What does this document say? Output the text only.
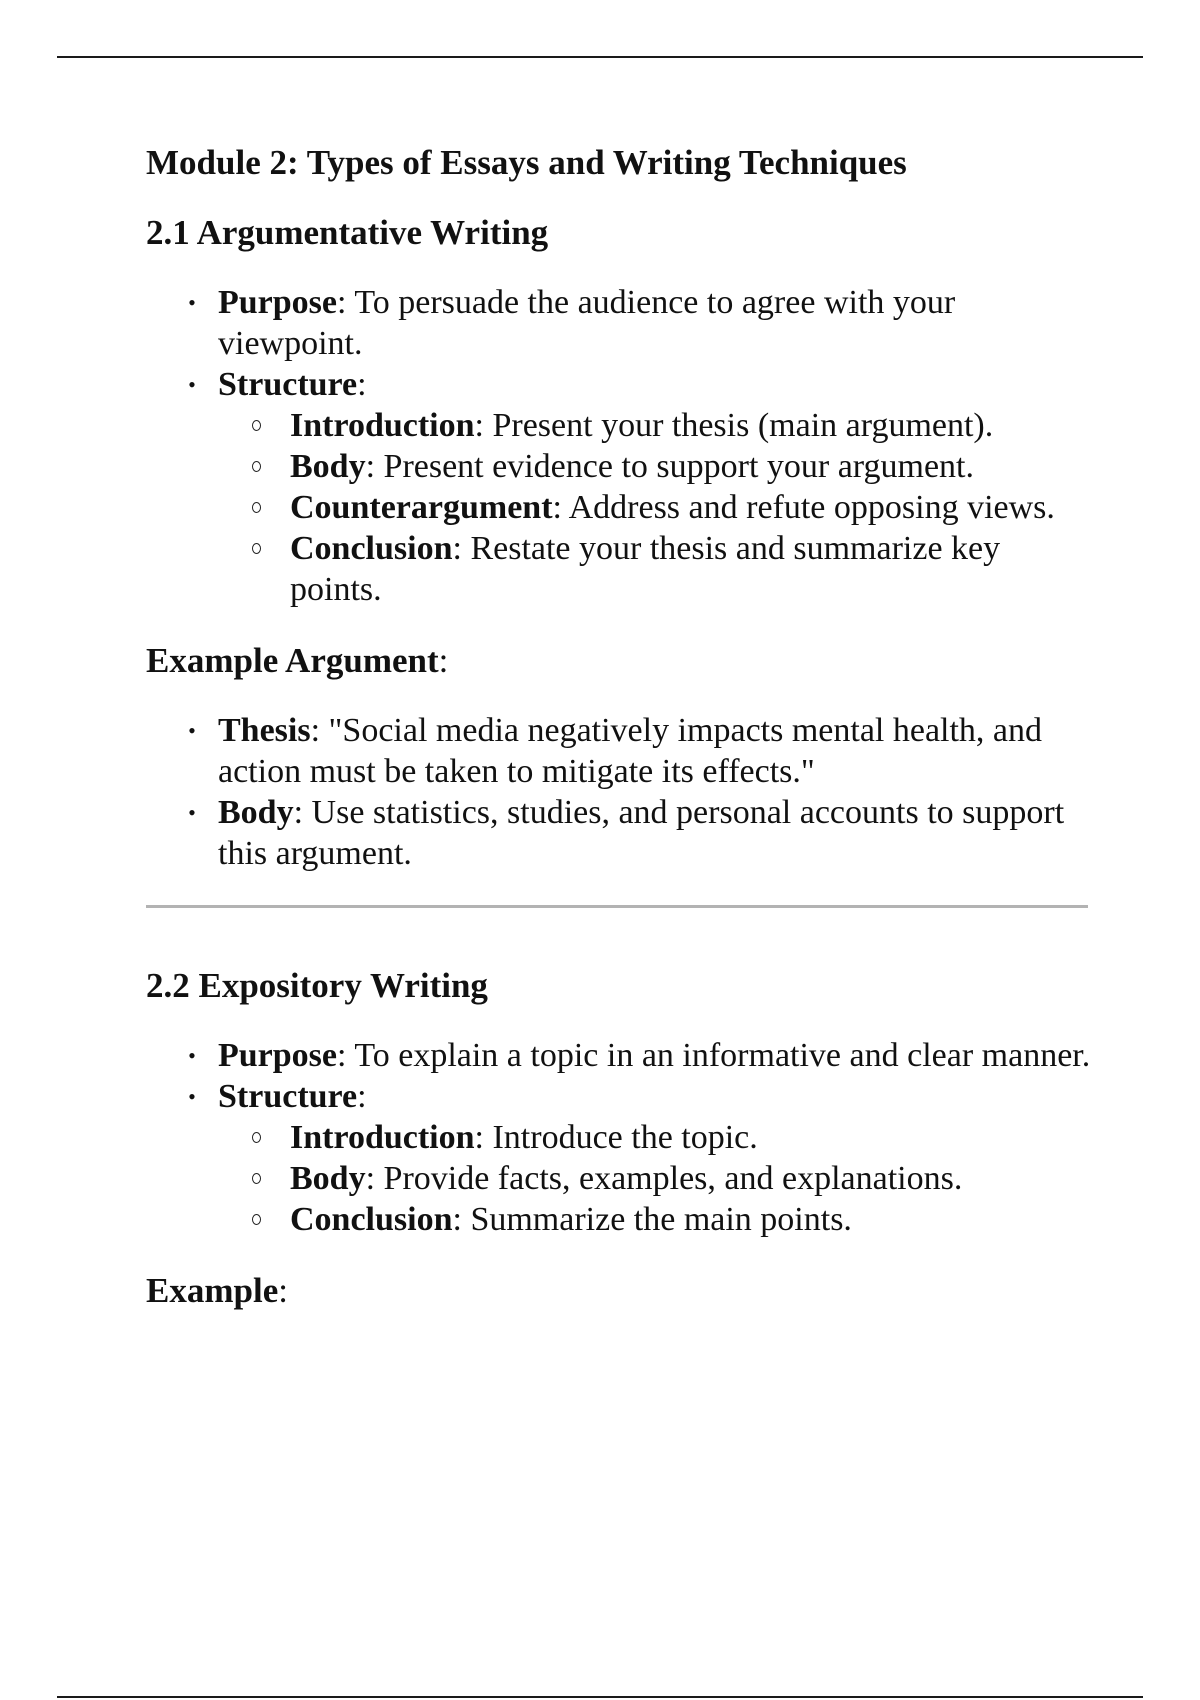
Module 2: Types of Essays and Writing Techniques
2.1 Argumentative Writing
• Purpose: To persuade the audience to agree with your viewpoint.
• Structure:
Introduction: Present your thesis (main argument).
Body: Present evidence to support your argument.
Counterargument: Address and refute opposing views.
Conclusion: Restate your thesis and summarize key points.
Example Argument:
• Thesis: "Social media negatively impacts mental health, and action must be taken to mitigate its effects."
• Body: Use statistics, studies, and personal accounts to support this argument.
2.2 Expository Writing
• Purpose: To explain a topic in an informative and clear manner.
• Structure:
Introduction: Introduce the topic.
Body: Provide facts, examples, and explanations.
Conclusion: Summarize the main points.
Example:
